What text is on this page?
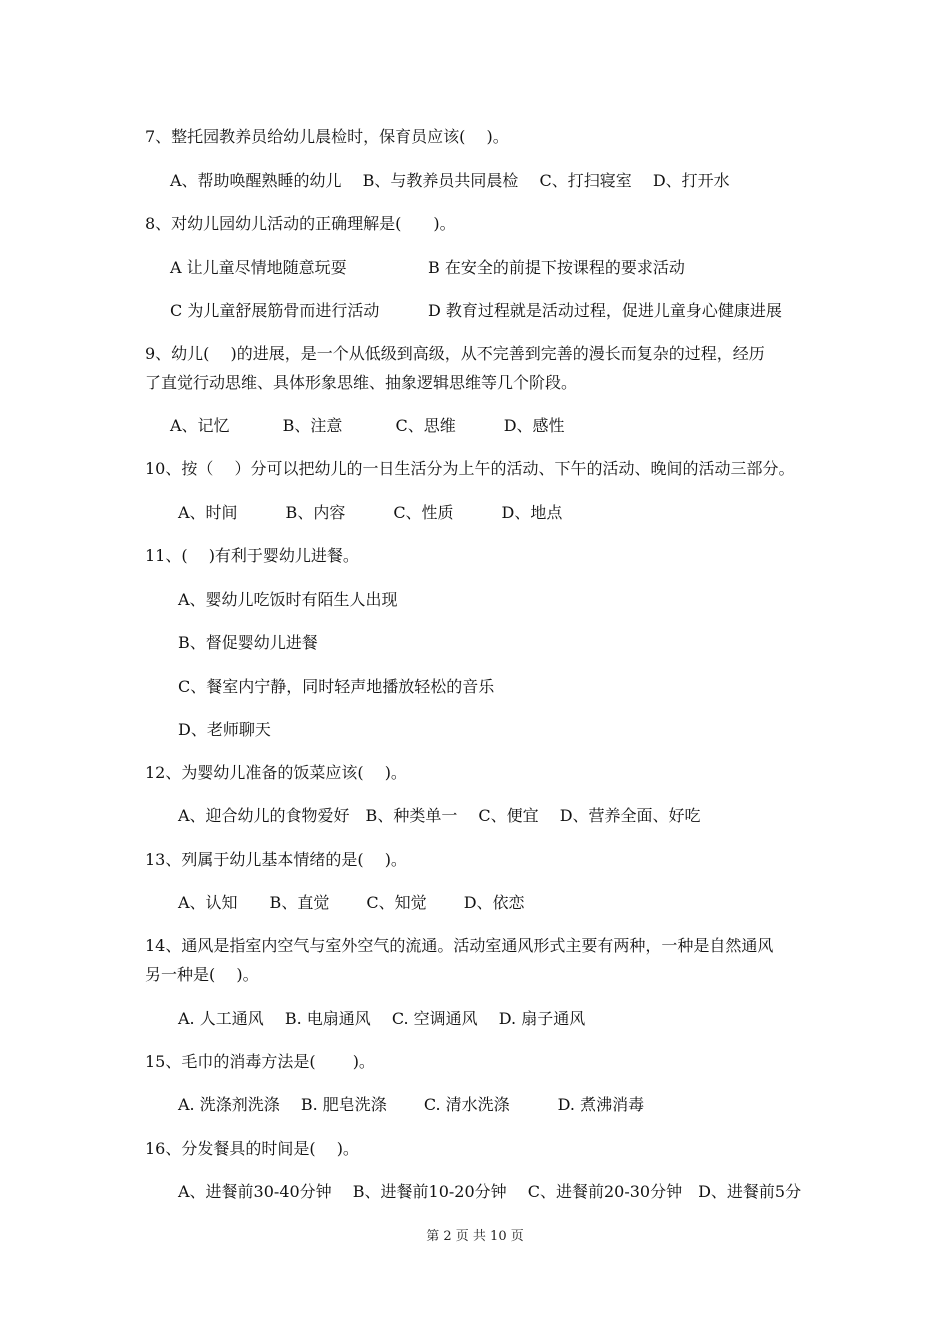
7、整托园教养员给幼儿晨检时，保育员应该(　 )。
A、帮助唤醒熟睡的幼儿　 B、与教养员共同晨检　 C、打扫寝室　 D、打开水
8、对幼儿园幼儿活动的正确理解是(　　)。
A 让儿童尽情地随意玩耍	B 在安全的前提下按课程的要求活动
C 为儿童舒展筋骨而进行活动	D 教育过程就是活动过程，促进儿童身心健康进展
9、幼儿(　 )的进展，是一个从低级到高级，从不完善到完善的漫长而复杂的过程，经历
了直觉行动思维、具体形象思维、抽象逻辑思维等几个阶段。
A、记忆　　　 B、注意　　　 C、思维　　　D、感性
10、按（　 ）分可以把幼儿的一日生活分为上午的活动、下午的活动、晚间的活动三部分。
A、时间　　　B、内容　　　C、性质　　　D、地点
11、(　 )有利于婴幼儿进餐。
A、婴幼儿吃饭时有陌生人出现
B、督促婴幼儿进餐
C、餐室内宁静，同时轻声地播放轻松的音乐
D、老师聊天
12、为婴幼儿准备的饭菜应该(　 )。
A、迎合幼儿的食物爱好　B、种类单一　 C、便宜　 D、营养全面、好吃
13、列属于幼儿基本情绪的是(　 )。
A、认知　　B、直觉　　 C、知觉　　 D、依恋
14、通风是指室内空气与室外空气的流通。活动室通风形式主要有两种，一种是自然通风
另一种是(　 )。
A. 人工通风　 B. 电扇通风　 C. 空调通风　 D. 扇子通风
15、毛巾的消毒方法是(　　 )。
A. 洗涤剂洗涤　 B. 肥皂洗涤　　 C. 清水洗涤　　　D. 煮沸消毒
16、分发餐具的时间是(　 )。
A、进餐前30-40分钟　 B、进餐前10-20分钟　 C、进餐前20-30分钟　D、进餐前5分
第 2 页 共 10 页
